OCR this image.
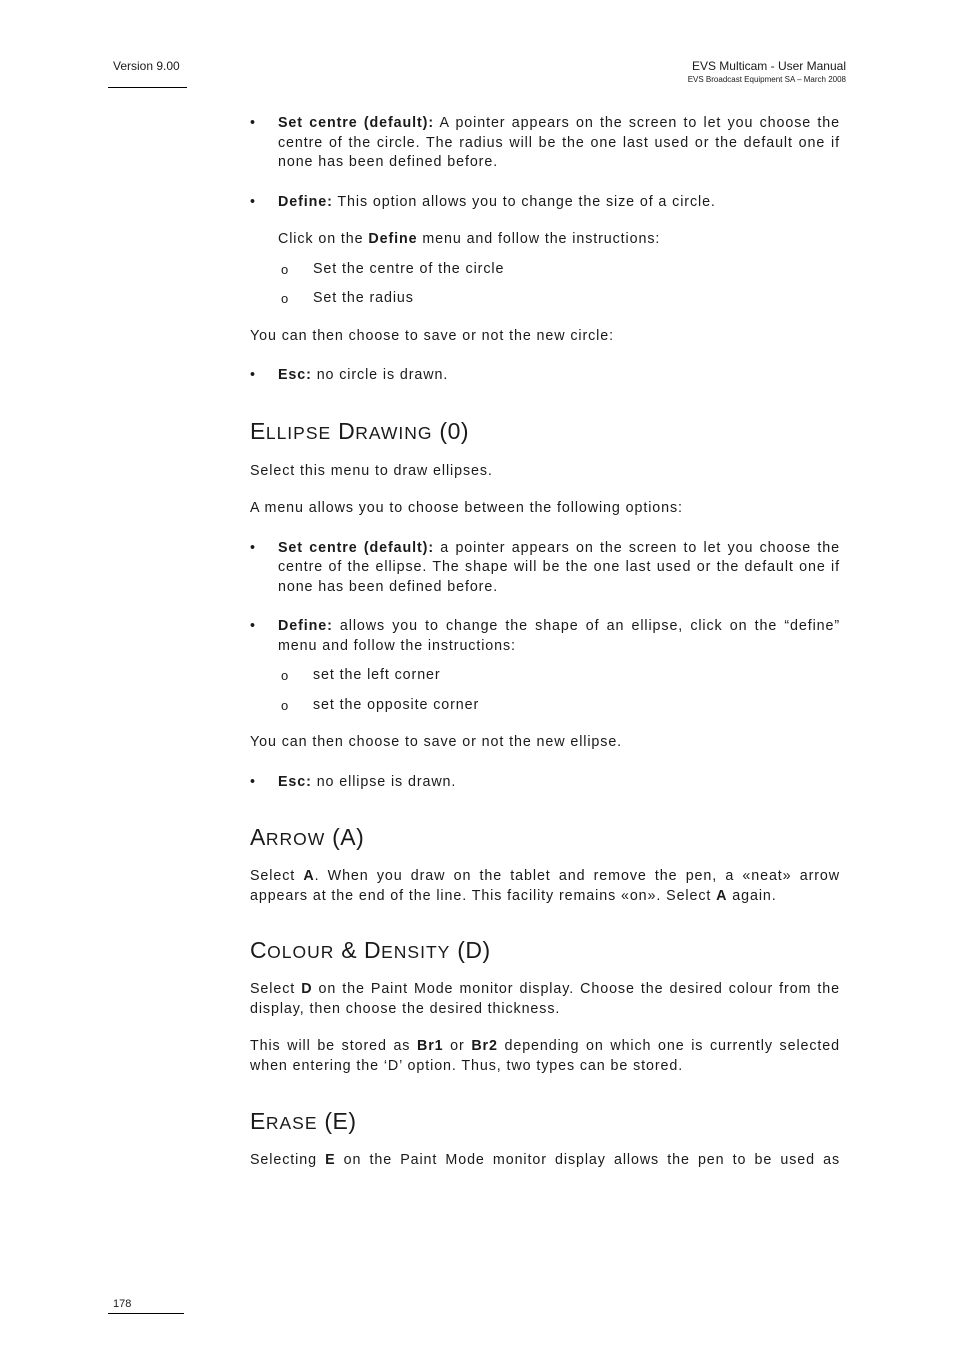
Version 9.00	EVS Multicam - User Manual
EVS Broadcast Equipment SA – March 2008
• Set centre (default): A pointer appears on the screen to let you choose the centre of the circle. The radius will be the one last used or the default one if none has been defined before.
• Define: This option allows you to change the size of a circle.

Click on the Define menu and follow the instructions:

o Set the centre of the circle
o Set the radius

You can then choose to save or not the new circle:

• Esc: no circle is drawn.
ELLIPSE DRAWING (0)

Select this menu to draw ellipses.

A menu allows you to choose between the following options:

• Set centre (default): a pointer appears on the screen to let you choose the centre of the ellipse. The shape will be the one last used or the default one if none has been defined before.
• Define: allows you to change the shape of an ellipse, click on the “define” menu and follow the instructions:
o set the left corner
o set the opposite corner

You can then choose to save or not the new ellipse.

• Esc: no ellipse is drawn.
ARROW (A)

Select A. When you draw on the tablet and remove the pen, a «neat» arrow appears at the end of the line. This facility remains «on». Select A again.

COLOUR & DENSITY (D)

Select D on the Paint Mode monitor display. Choose the desired colour from the display, then choose the desired thickness.

This will be stored as Br1 or Br2 depending on which one is currently selected when entering the ‘D’ option. Thus, two types can be stored.

ERASE (E)

Selecting E on the Paint Mode monitor display allows the pen to be used as

178
